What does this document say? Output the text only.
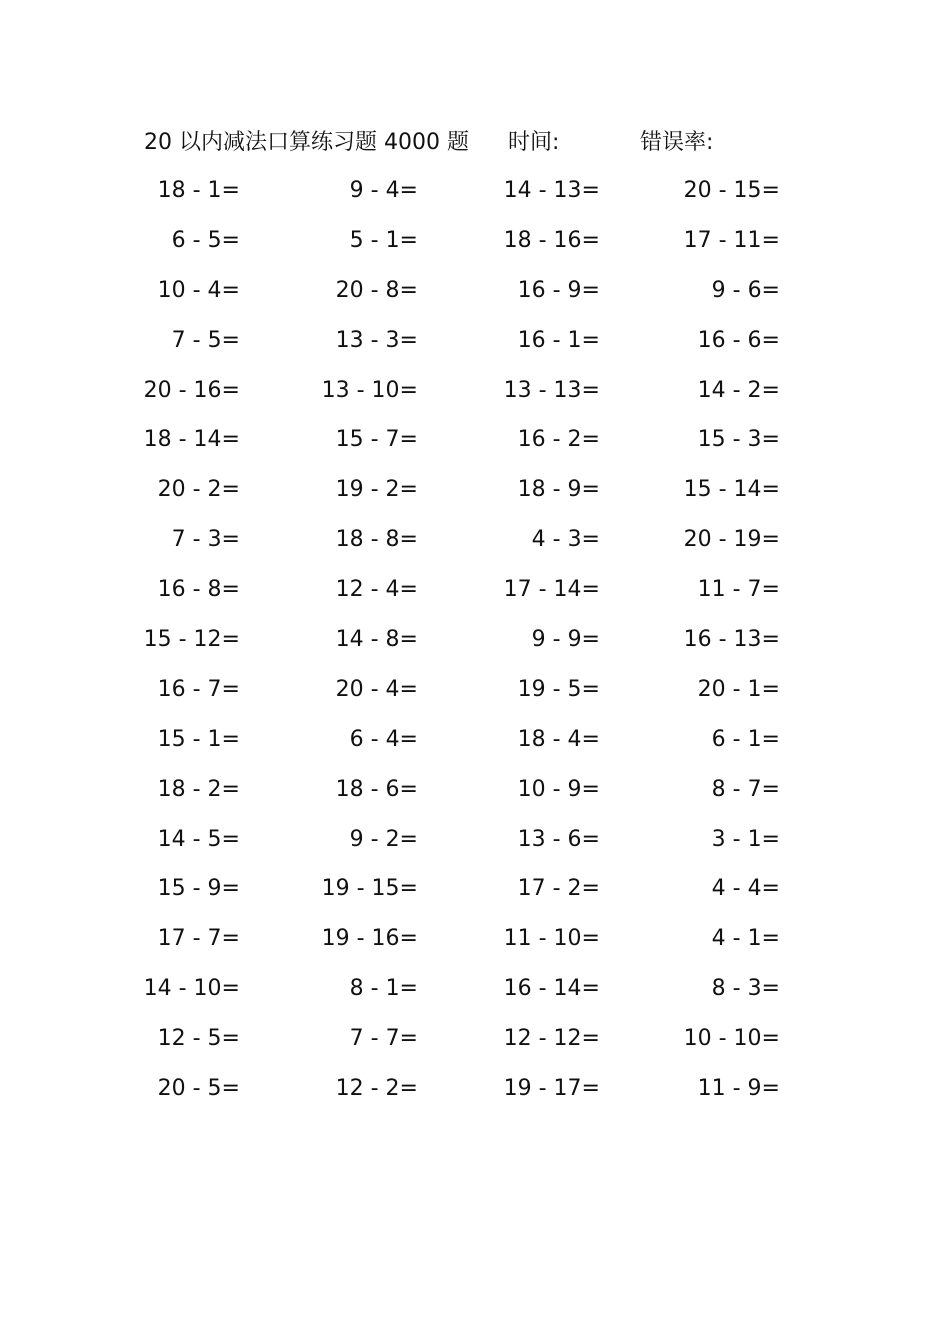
20 以内减法口算练习题 4000 题 时间:	错误率:
18 - 1=	9 - 4=	14 - 13=	20 - 15=
6 - 5=	5 - 1=	18 - 16=	17 - 11=
10 - 4=	20 - 8=	16 - 9=	9 - 6=
7 - 5=	13 - 3=	16 - 1=	16 - 6=
20 - 16=	13 - 10=	13 - 13=	14 - 2=
18 - 14=	15 - 7=	16 - 2=	15 - 3=
20 - 2=	19 - 2=	18 - 9=	15 - 14=
7 - 3=	18 - 8=	4 - 3=	20 - 19=
16 - 8=	12 - 4=	17 - 14=	11 - 7=
15 - 12=	14 - 8=	9 - 9=	16 - 13=
16 - 7=	20 - 4=	19 - 5=	20 - 1=
15 - 1=	6 - 4=	18 - 4=	6 - 1=
18 - 2=	18 - 6=	10 - 9=	8 - 7=
14 - 5=	9 - 2=	13 - 6=	3 - 1=
15 - 9=	19 - 15=	17 - 2=	4 - 4=
17 - 7=	19 - 16=	11 - 10=	4 - 1=
14 - 10=	8 - 1=	16 - 14=	8 - 3=
12 - 5=	7 - 7=	12 - 12=	10 - 10=
20 - 5=	12 - 2=	19 - 17=	11 - 9=
